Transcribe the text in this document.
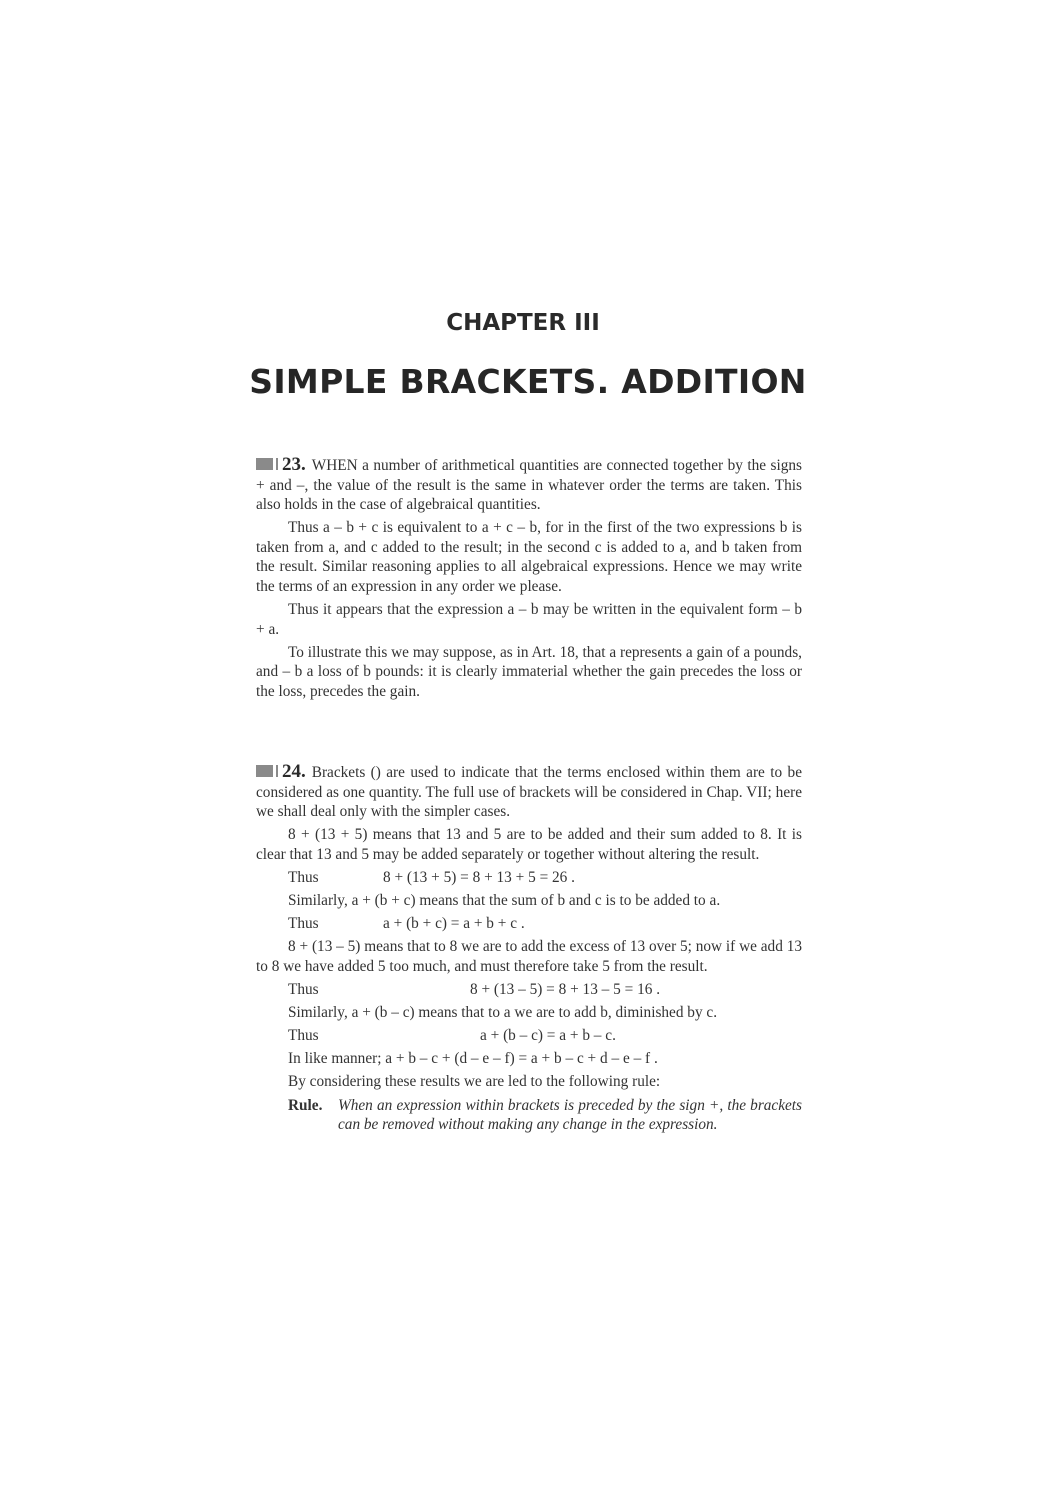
CHAPTER III
SIMPLE BRACKETS. ADDITION

23. WHEN a number of arithmetical quantities are connected together by the signs + and –, the value of the result is the same in whatever order the terms are taken. This also holds in the case of algebraical quantities.

Thus a – b + c is equivalent to a + c – b, for in the first of the two expressions b is taken from a, and c added to the result; in the second c is added to a, and b taken from the result. Similar reasoning applies to all algebraical expressions. Hence we may write the terms of an expression in any order we please.

Thus it appears that the expression a – b may be written in the equivalent form – b + a.

To illustrate this we may suppose, as in Art. 18, that a represents a gain of a pounds, and – b a loss of b pounds: it is clearly immaterial whether the gain precedes the loss or the loss, precedes the gain.

24. Brackets () are used to indicate that the terms enclosed within them are to be considered as one quantity. The full use of brackets will be considered in Chap. VII; here we shall deal only with the simpler cases.

8 + (13 + 5) means that 13 and 5 are to be added and their sum added to 8. It is clear that 13 and 5 may be added separately or together without altering the result.

Thus	8 + (13 + 5) = 8 + 13 + 5 = 26 .
Similarly, a + (b + c) means that the sum of b and c is to be added to a.
Thus	a + (b + c) = a + b + c .

8 + (13 – 5) means that to 8 we are to add the excess of 13 over 5; now if we add 13 to 8 we have added 5 too much, and must therefore take 5 from the result.

Thus	8 + (13 – 5) = 8 + 13 – 5 = 16 .
Similarly, a + (b – c) means that to a we are to add b, diminished by c.
Thus	a + (b – c) = a + b – c.
In like manner; a + b – c + (d – e – f) = a + b – c + d – e – f .
By considering these results we are led to the following rule:
Rule.	When an expression within brackets is preceded by the sign +, the brackets can be removed without making any change in the expression.
